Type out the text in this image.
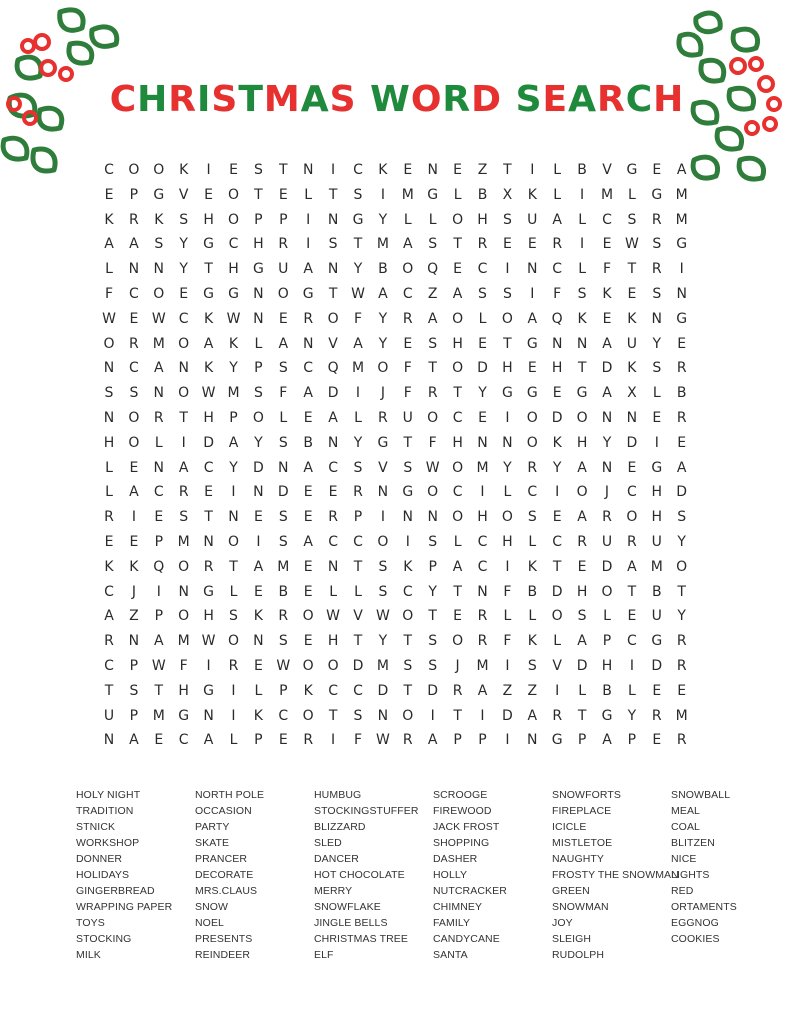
CHRISTMAS WORD SEARCH
C	O O	K	I	E	S	T	N	I	C	K	E	N	E	Z	T	I	L	B	V	G	E	A
E	P	G	V	E	O	T	E	L	T	S	I	M G	L	B	X	K	L	I	M	L	G M
K	R	K	S	H	O	P	P	I	N	G	Y	L	L	O	H	S	U	A	L	C	S	R M
A	A	S	Y	G	C	H	R	I	S	T	M	A	S	T	R	E	E	R	I	E W S	G
L	N	N	Y	T	H	G	U	A	N	Y	B	O Q	E	C	I	N	C	L	F	T	R	I
F	C	O	E	G	G	N	O G	T W A	C	Z	A	S	S	I	F	S	K	E	S	N
W E W C	K W N	E	R	O	F	Y	R	A	O	L	O	A	Q	K	E	K	N	G
O	R	M O	A	K	L	A	N	V	A	Y	E	S	H	E	T	G	N	N	A	U	Y	E
N	C	A	N	K	Y	P	S	C	Q M O	F	T	O	D	H	E	H	T	D	K	S	R
S	S	N	O W M	S	F	A	D	I	J	F	R	T	Y	G	G	E	G	A	X	L	B
N	O	R	T	H	P	O	L	E	A	L	R	U	O	C	E	I	O D	O	N	N	E	R
H	O	L	I	D	A	Y	S	B	N	Y	G	T	F	H	N	N	O	K	H	Y	D	I	E
L	E	N	A	C	Y	D	N	A	C	S	V	S W O M	Y	R	Y	A	N	E	G	A
L	A	C	R	E	I	N	D	E	E	R	N	G O	C	I	L	C	I	O	J	C	H	D
R	I	E	S	T	N	E	S	E	R	P	I	N	N	O	H	O	S	E	A	R	O	H	S
E	E	P	M N	O	I	S	A	C	C	O	I	S	L	C	H	L	C	R	U	R	U	Y
K	K	Q O	R	T	A	M	E	N	T	S	K	P	A	C	I	K	T	E	D	A	M O
C	J	I	N	G	L	E	B	E	L	L	S	C	Y	T	N	F	B	D	H	O	T	B	T
A	Z	P	O	H	S	K	R	O W V W O	T	E	R	L	L	O	S	L	E	U	Y
R	N	A	M W O	N	S	E	H	T	Y	T	S	O	R	F	K	L	A	P	C	G	R
C	P W F	I	R	E W O O	D M	S	S	J	M	I	S	V	D	H	I	D	R
T	S	T	H	G	I	L	P	K	C	C	D	T	D	R	A	Z	Z	I	L	B	L	E	E
U	P	M G	N	I	K	C	O	T	S	N	O	I	T	I	D	A	R	T	G	Y	R M
N	A	E	C	A	L	P	E	R	I	F W R	A	P	P	I	N	G	P	A	P	E	R
HOLY NIGHT
TRADITION
STNICK
WORKSHOP
DONNER
HOLIDAYS
GINGERBREAD
WRAPPING PAPER
TOYS
STOCKING
MILK
NORTH POLE
OCCASION
PARTY
SKATE
PRANCER
DECORATE
MRS.CLAUS
SNOW
NOEL
PRESENTS
REINDEER
HUMBUG
STOCKINGSTUFFER
BLIZZARD
SLED
DANCER
HOT CHOCOLATE
MERRY
SNOWFLAKE
JINGLE BELLS
CHRISTMAS TREE
ELF
SCROOGE
FIREWOOD
JACK FROST
SHOPPING
DASHER
HOLLY
NUTCRACKER
CHIMNEY
FAMILY
CANDYCANE
SANTA
SNOWFORTS
FIREPLACE
ICICLE
MISTLETOE
NAUGHTY
FROSTY THE SNOWMAN
GREEN
SNOWMAN
JOY
SLEIGH
RUDOLPH
SNOWBALL
MEAL
COAL
BLITZEN
NICE
LIGHTS
RED
ORTAMENTS
EGGNOG
COOKIES
